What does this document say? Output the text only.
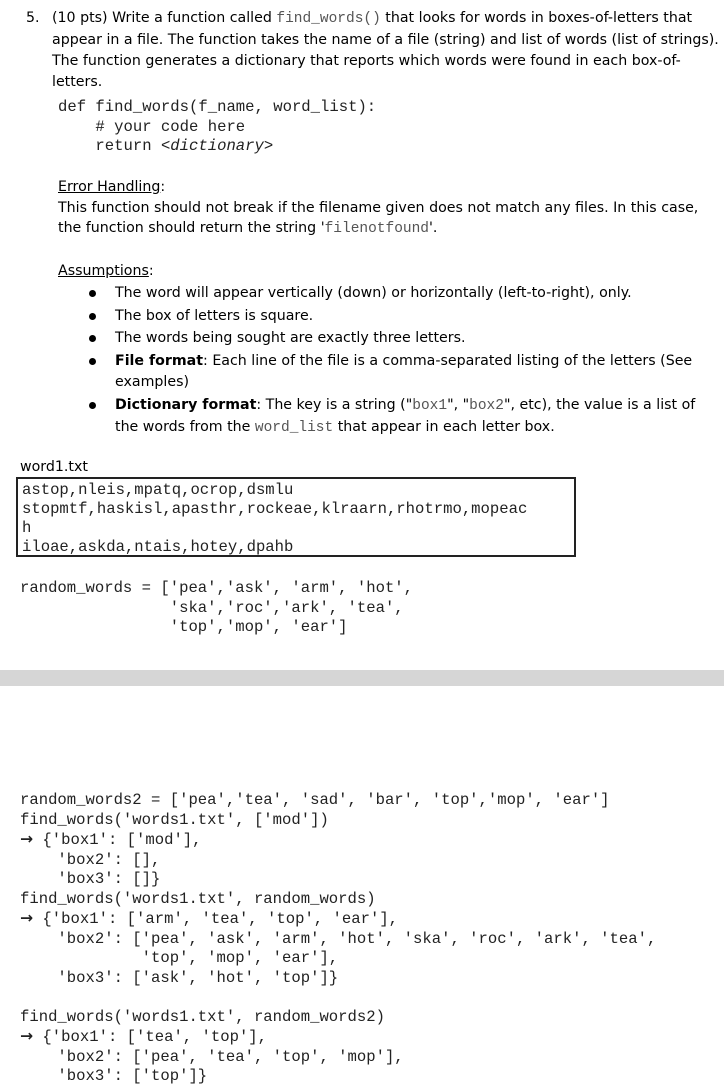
5. (10 pts) Write a function called find_words() that looks for words in boxes-of-letters that appear in a file. The function takes the name of a file (string) and list of words (list of strings). The function generates a dictionary that reports which words were found in each box-of-letters.
def find_words(f_name, word_list):
# your code here
return <dictionary>
Error Handling:
This function should not break if the filename given does not match any files. In this case, the function should return the string 'filenotfound'.
Assumptions:
The word will appear vertically (down) or horizontally (left-to-right), only.
The box of letters is square.
The words being sought are exactly three letters.
File format: Each line of the file is a comma-separated listing of the letters (See examples)
Dictionary format: The key is a string ("box1", "box2", etc), the value is a list of the words from the word_list that appear in each letter box.
word1.txt
astop,nleis,mpatq,ocrop,dsmlu
stopmtf,haskisl,apasthr,rockeae,klraarn,rhotrmo,mopeac
h
iloae,askda,ntais,hotey,dpahb
random_words = ['pea','ask', 'arm', 'hot',
'ska','roc','ark', 'tea',
'top','mop', 'ear']
random_words2 = ['pea','tea', 'sad', 'bar', 'top','mop', 'ear']
find_words('words1.txt', ['mod'])
→ {'box1': ['mod'],
'box2': [],
'box3': []}
find_words('words1.txt', random_words)
→ {'box1': ['arm', 'tea', 'top', 'ear'],
'box2': ['pea', 'ask', 'arm', 'hot', 'ska', 'roc', 'ark', 'tea',
'top', 'mop', 'ear'],
'box3': ['ask', 'hot', 'top']}

find_words('words1.txt', random_words2)
→ {'box1': ['tea', 'top'],
'box2': ['pea', 'tea', 'top', 'mop'],
'box3': ['top']}
